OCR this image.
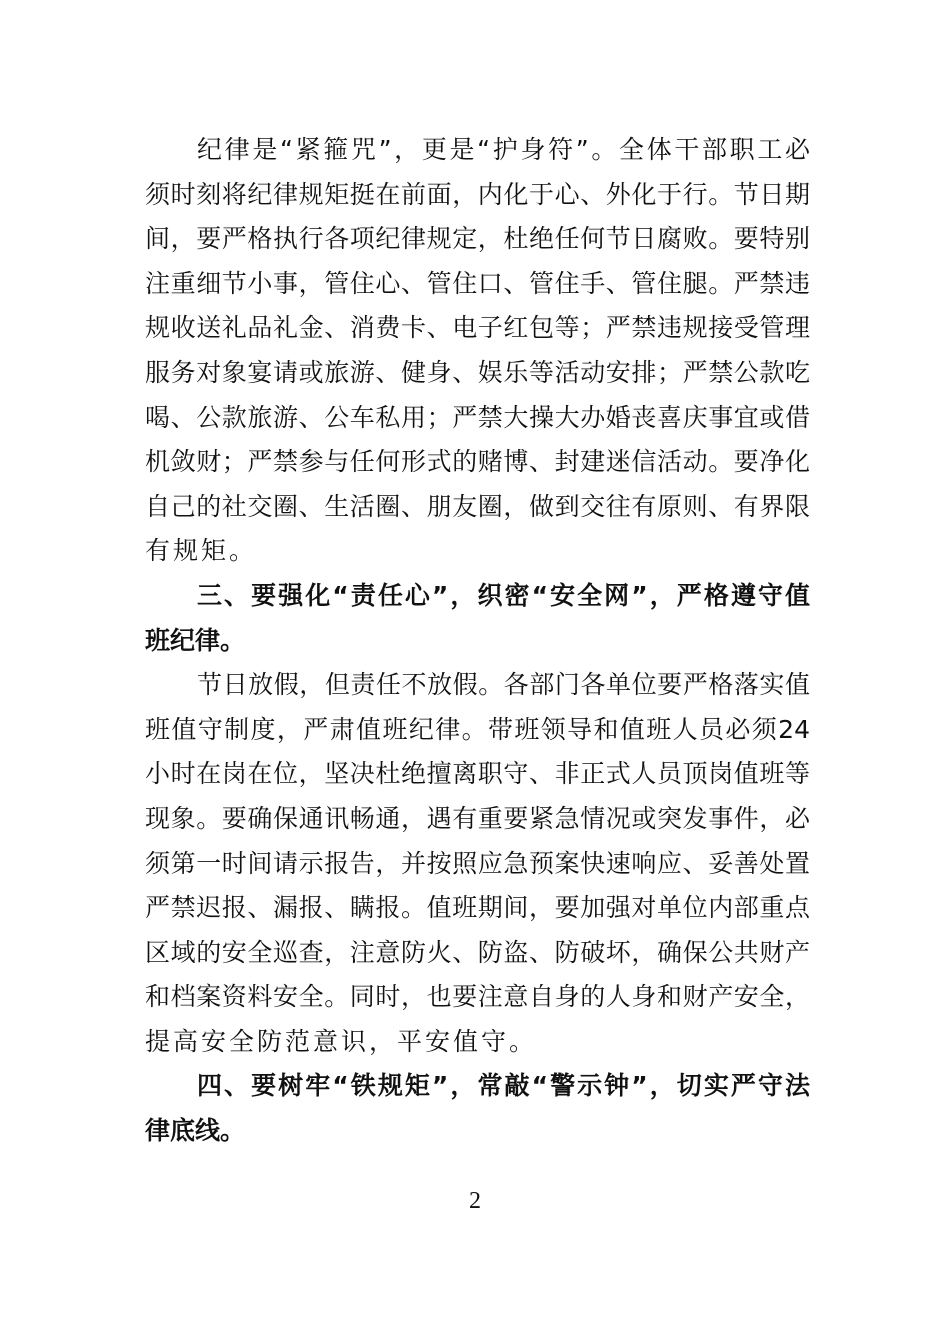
纪律是“紧箍咒”，更是“护身符”。全体干部职工必
须时刻将纪律规矩挺在前面，内化于心、外化于行。节日期
间，要严格执行各项纪律规定，杜绝任何节日腐败。要特别
注重细节小事，管住心、管住口、管住手、管住腿。严禁违
规收送礼品礼金、消费卡、电子红包等；严禁违规接受管理
服务对象宴请或旅游、健身、娱乐等活动安排；严禁公款吃
喝、公款旅游、公车私用；严禁大操大办婚丧喜庆事宜或借
机敛财；严禁参与任何形式的赌博、封建迷信活动。要净化
自己的社交圈、生活圈、朋友圈，做到交往有原则、有界限
有规矩。
三、要强化“责任心”，织密“安全网”，严格遵守值
班纪律。
节日放假，但责任不放假。各部门各单位要严格落实值
班值守制度，严肃值班纪律。带班领导和值班人员必须24
小时在岗在位，坚决杜绝擅离职守、非正式人员顶岗值班等
现象。要确保通讯畅通，遇有重要紧急情况或突发事件，必
须第一时间请示报告，并按照应急预案快速响应、妥善处置
严禁迟报、漏报、瞒报。值班期间，要加强对单位内部重点
区域的安全巡查，注意防火、防盗、防破坏，确保公共财产
和档案资料安全。同时，也要注意自身的人身和财产安全，
提高安全防范意识，平安值守。
四、要树牢“铁规矩”，常敲“警示钟”，切实严守法
律底线。
2
